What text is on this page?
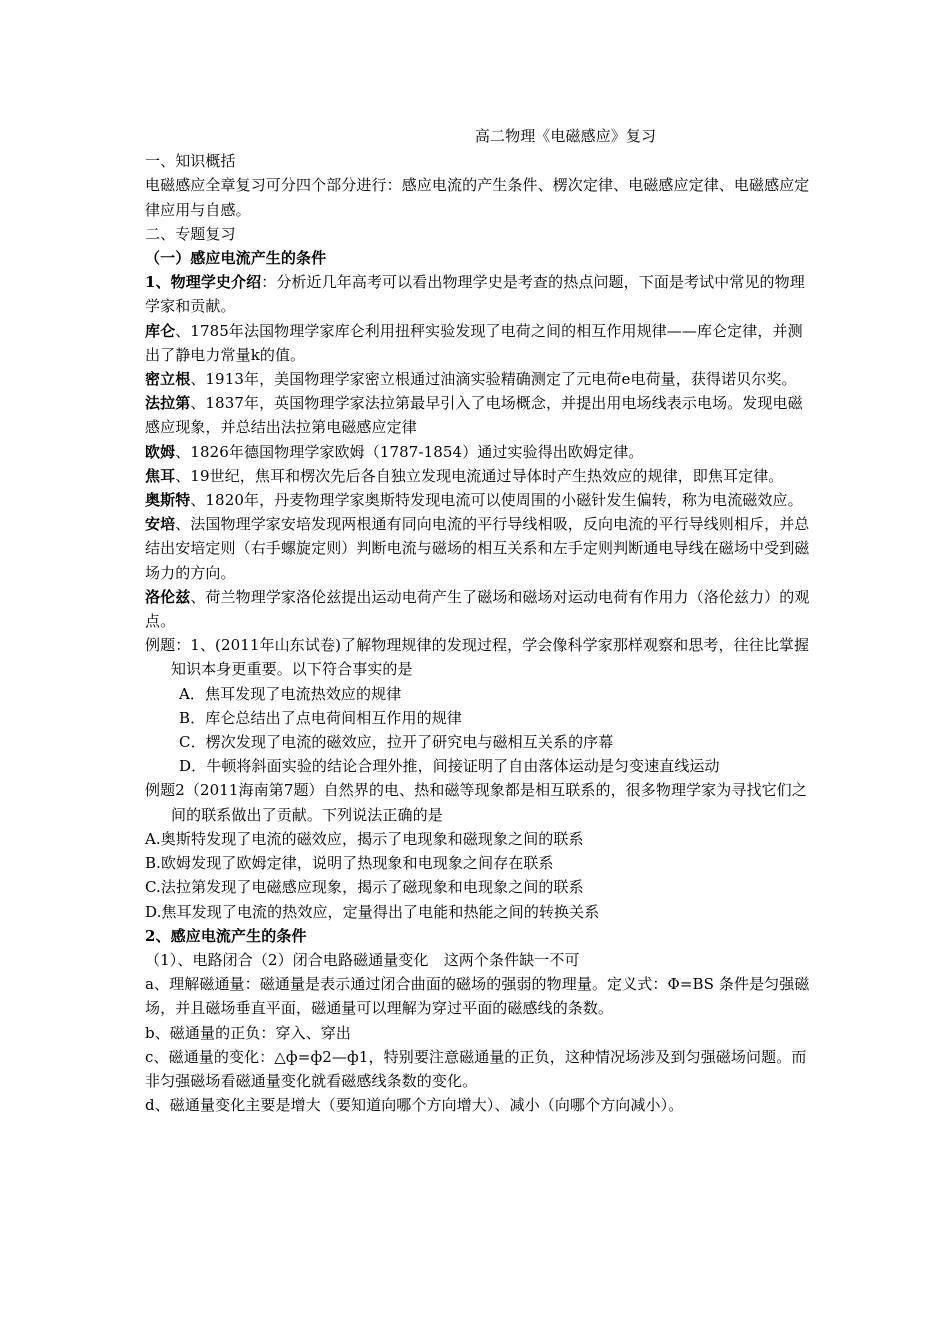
高二物理《电磁感应》复习

一、知识概括

电磁感应全章复习可分四个部分进行：感应电流的产生条件、楞次定律、电磁感应定律、电磁感应定律应用与自感。

二、专题复习

（一）感应电流产生的条件

1、物理学史介绍：分析近几年高考可以看出物理学史是考查的热点问题，下面是考试中常见的物理学家和贡献。

库仑、1785年法国物理学家库仑利用扭秤实验发现了电荷之间的相互作用规律——库仑定律，并测出了静电力常量k的值。

密立根、1913年，美国物理学家密立根通过油滴实验精确测定了元电荷e电荷量，获得诺贝尔奖。

法拉第、1837年，英国物理学家法拉第最早引入了电场概念，并提出用电场线表示电场。发现电磁感应现象，并总结出法拉第电磁感应定律

欧姆、1826年德国物理学家欧姆（1787-1854）通过实验得出欧姆定律。

焦耳、19世纪，焦耳和楞次先后各自独立发现电流通过导体时产生热效应的规律，即焦耳定律。

奥斯特、1820年，丹麦物理学家奥斯特发现电流可以使周围的小磁针发生偏转，称为电流磁效应。

安培、法国物理学家安培发现两根通有同向电流的平行导线相吸，反向电流的平行导线则相斥，并总结出安培定则（右手螺旋定则）判断电流与磁场的相互关系和左手定则判断通电导线在磁场中受到磁场力的方向。

洛伦兹、荷兰物理学家洛伦兹提出运动电荷产生了磁场和磁场对运动电荷有作用力（洛伦兹力）的观点。

例题：1、(2011年山东试卷)了解物理规律的发现过程，学会像科学家那样观察和思考，往往比掌握知识本身更重要。以下符合事实的是

A．焦耳发现了电流热效应的规律

B．库仑总结出了点电荷间相互作用的规律

C．楞次发现了电流的磁效应，拉开了研究电与磁相互关系的序幕

D．牛顿将斜面实验的结论合理外推，间接证明了自由落体运动是匀变速直线运动

例题2（2011海南第7题）自然界的电、热和磁等现象都是相互联系的，很多物理学家为寻找它们之间的联系做出了贡献。下列说法正确的是

A.奥斯特发现了电流的磁效应，揭示了电现象和磁现象之间的联系

B.欧姆发现了欧姆定律，说明了热现象和电现象之间存在联系

C.法拉第发现了电磁感应现象，揭示了磁现象和电现象之间的联系

D.焦耳发现了电流的热效应，定量得出了电能和热能之间的转换关系

2、感应电流产生的条件

（1）、电路闭合（2）闭合电路磁通量变化　这两个条件缺一不可

a、理解磁通量：磁通量是表示通过闭合曲面的磁场的强弱的物理量。定义式：Φ=BS 条件是匀强磁场，并且磁场垂直平面，磁通量可以理解为穿过平面的磁感线的条数。

b、磁通量的正负：穿入、穿出

c、磁通量的变化：△ф=ф2—ф1，特别要注意磁通量的正负，这种情况场涉及到匀强磁场问题。而非匀强磁场看磁通量变化就看磁感线条数的变化。

d、磁通量变化主要是增大（要知道向哪个方向增大）、减小（向哪个方向减小）。
